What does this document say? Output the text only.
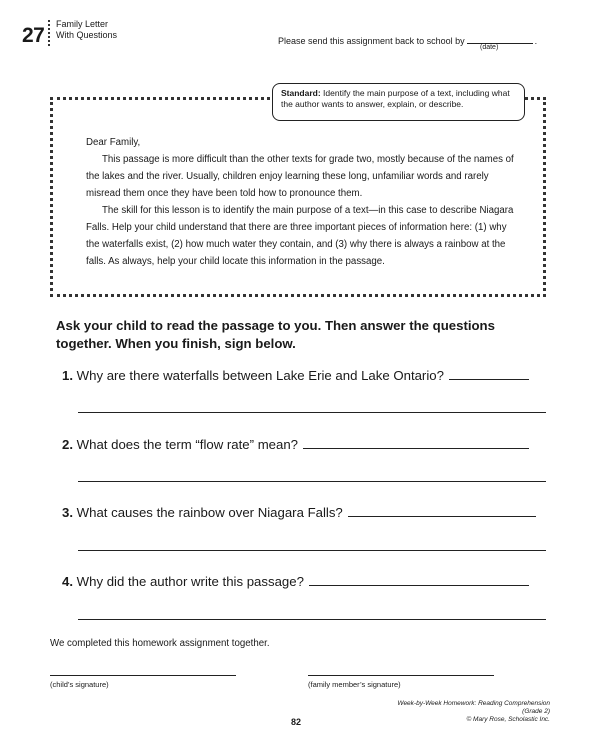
27 Family Letter
With Questions
Please send this assignment back to school by	.
(date)
Standard: Identify the main purpose of a text, including what the author wants to answer, explain, or describe.

Dear Family,

This passage is more difficult than the other texts for grade two, mostly because of the names of the lakes and the river. Usually, children enjoy learning these long, unfamiliar words and rarely misread them once they have been told how to pronounce them.

The skill for this lesson is to identify the main purpose of a text—in this case to describe Niagara Falls. Help your child understand that there are three important pieces of information here: (1) why the waterfalls exist, (2) how much water they contain, and (3) why there is always a rainbow at the falls. As always, help your child locate this information in the passage.

Ask your child to read the passage to you. Then answer the questions together. When you finish, sign below.
1. Why are there waterfalls between Lake Erie and Lake Ontario?
2. What does the term “flow rate” mean?
3. What causes the rainbow over Niagara Falls?
4. Why did the author write this passage?
We completed this homework assignment together.
(child’s signature)	(family member’s signature)
Week-by-Week Homework: Reading Comprehension (Grade 2)
© Mary Rose, Scholastic Inc.
82
